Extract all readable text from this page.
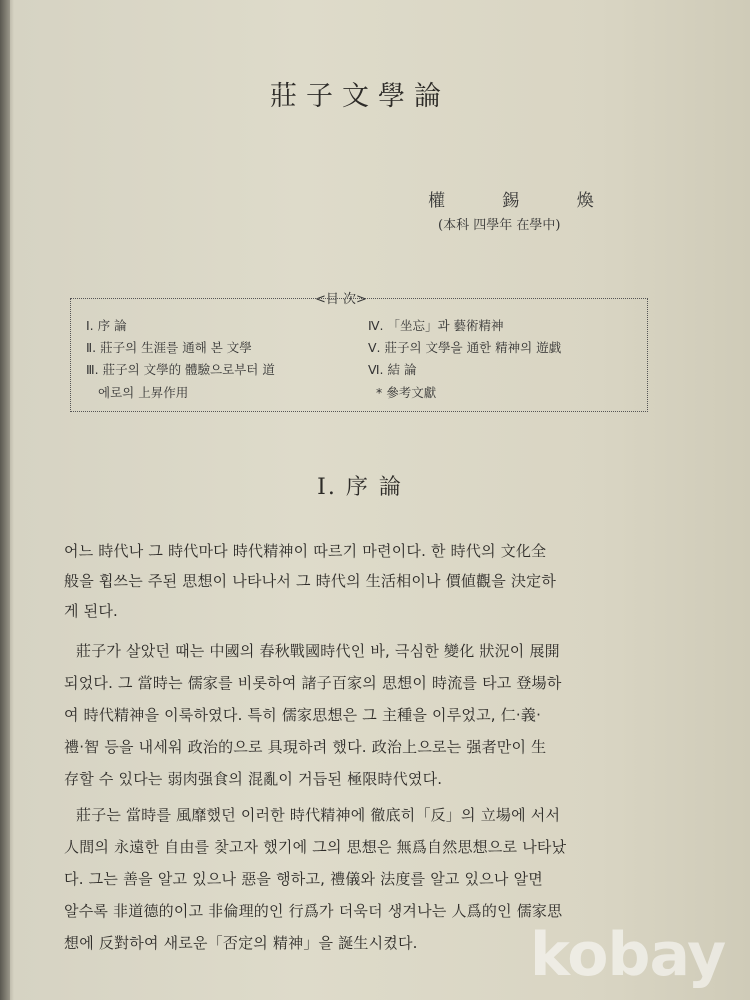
莊子文學論
權 錫 煥
(本科 四學年 在學中)
<目 次>
Ⅰ. 序 論
Ⅱ. 莊子의 生涯를 通해 본 文學
Ⅲ. 莊子의 文學的 體驗으로부터 道
에로의 上昇作用
Ⅳ. 「坐忘」과 藝術精神
Ⅴ. 莊子의 文學을 通한 精神의 遊戯
Ⅵ. 結 論
* 參考文獻
Ⅰ. 序 論
어느 時代나 그 時代마다 時代精神이 따르기 마련이다. 한 時代의 文化全
般을 휩쓰는 주된 思想이 나타나서 그 時代의 生活相이나 價値觀을 決定하
게 된다.
莊子가 살았던 때는 中國의 春秋戰國時代인 바, 극심한 變化 狀況이 展開
되었다. 그 當時는 儒家를 비롯하여 諸子百家의 思想이 時流를 타고 登場하
여 時代精神을 이룩하였다. 특히 儒家思想은 그 主種을 이루었고, 仁·義·
禮·智 등을 내세워 政治的으로 具現하려 했다. 政治上으로는 强者만이 生
存할 수 있다는 弱肉强食의 混亂이 거듭된 極限時代였다.
莊子는 當時를 風靡했던 이러한 時代精神에 徹底히「反」의 立場에 서서
人間의 永遠한 自由를 찾고자 했기에 그의 思想은 無爲自然思想으로 나타났
다. 그는 善을 알고 있으나 惡을 행하고, 禮儀와 法度를 알고 있으나 알면
알수록 非道德的이고 非倫理的인 行爲가 더욱더 생겨나는 人爲的인 儒家思
想에 反對하여 새로운「否定의 精神」을 誕生시켰다. kobay
